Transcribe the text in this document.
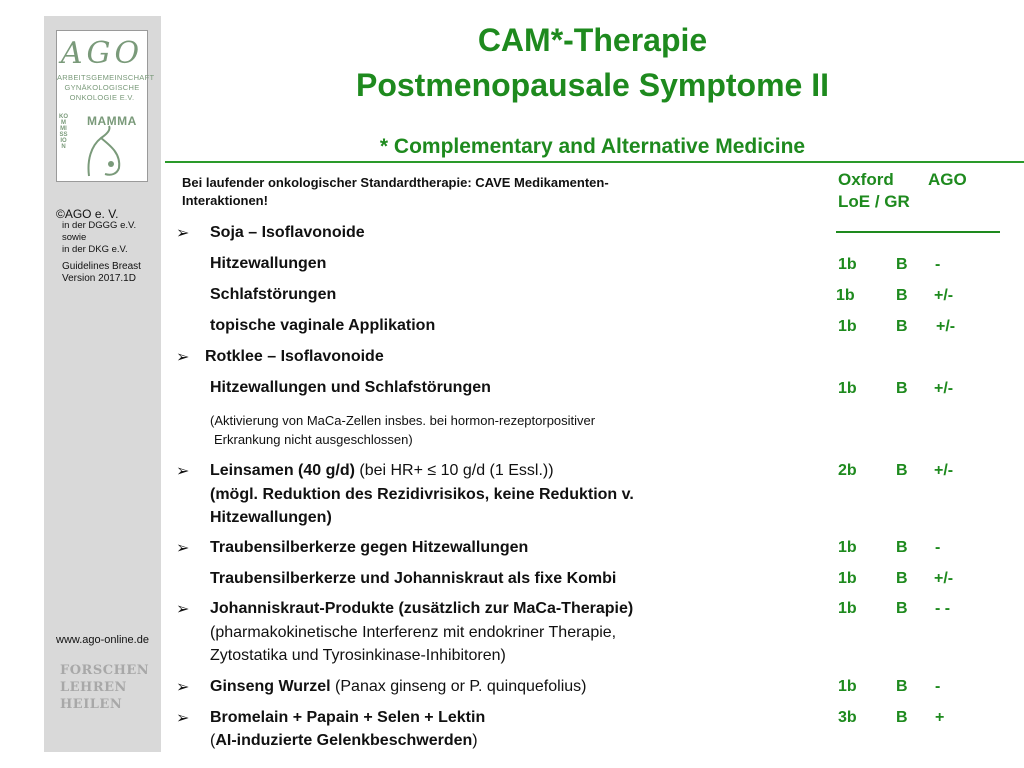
AGO
ARBEITSGEMEINSCHAFT
GYNÄKOLOGISCHE
ONKOLOGIE E.V.
KOMMISSION
MAMMA
©AGO e. V.
in der DGGG e.V.
sowie
in der DKG e.V.
Guidelines Breast
Version 2017.1D
www.ago-online.de
FORSCHEN
LEHREN
HEILEN
CAM*-Therapie
Postmenopausale Symptome II
* Complementary and Alternative Medicine
Bei laufender onkologischer Standardtherapie: CAVE Medikamenten-
Interaktionen!
Oxford AGO
LoE / GR
➢ Soja – Isoflavonoide
Hitzewallungen	1b B -
Schlafstörungen	1b	B +/-
topische vaginale Applikation	1b B +/-
➢ Rotklee – Isoflavonoide
Hitzewallungen und Schlafstörungen	1b B +/-
(Aktivierung von MaCa-Zellen insbes. bei hormon-rezeptorpositiver
Erkrankung nicht ausgeschlossen)
➢ Leinsamen (40 g/d) (bei HR+ ≤ 10 g/d (1 Essl.))	2b B +/-
(mögl. Reduktion des Rezidivrisikos, keine Reduktion v.
Hitzewallungen)
➢ Traubensilberkerze gegen Hitzewallungen	1b B -
Traubensilberkerze und Johanniskraut als fixe Kombi	1b B +/-
➢ Johanniskraut-Produkte (zusätzlich zur MaCa-Therapie)	1b B - -
(pharmakokinetische Interferenz mit endokriner Therapie,
Zytostatika und Tyrosinkinase-Inhibitoren)
➢ Ginseng Wurzel (Panax ginseng or P. quinquefolius)	1b B -
➢ Bromelain + Papain + Selen + Lektin	3b B +
(AI-induzierte Gelenkbeschwerden)
